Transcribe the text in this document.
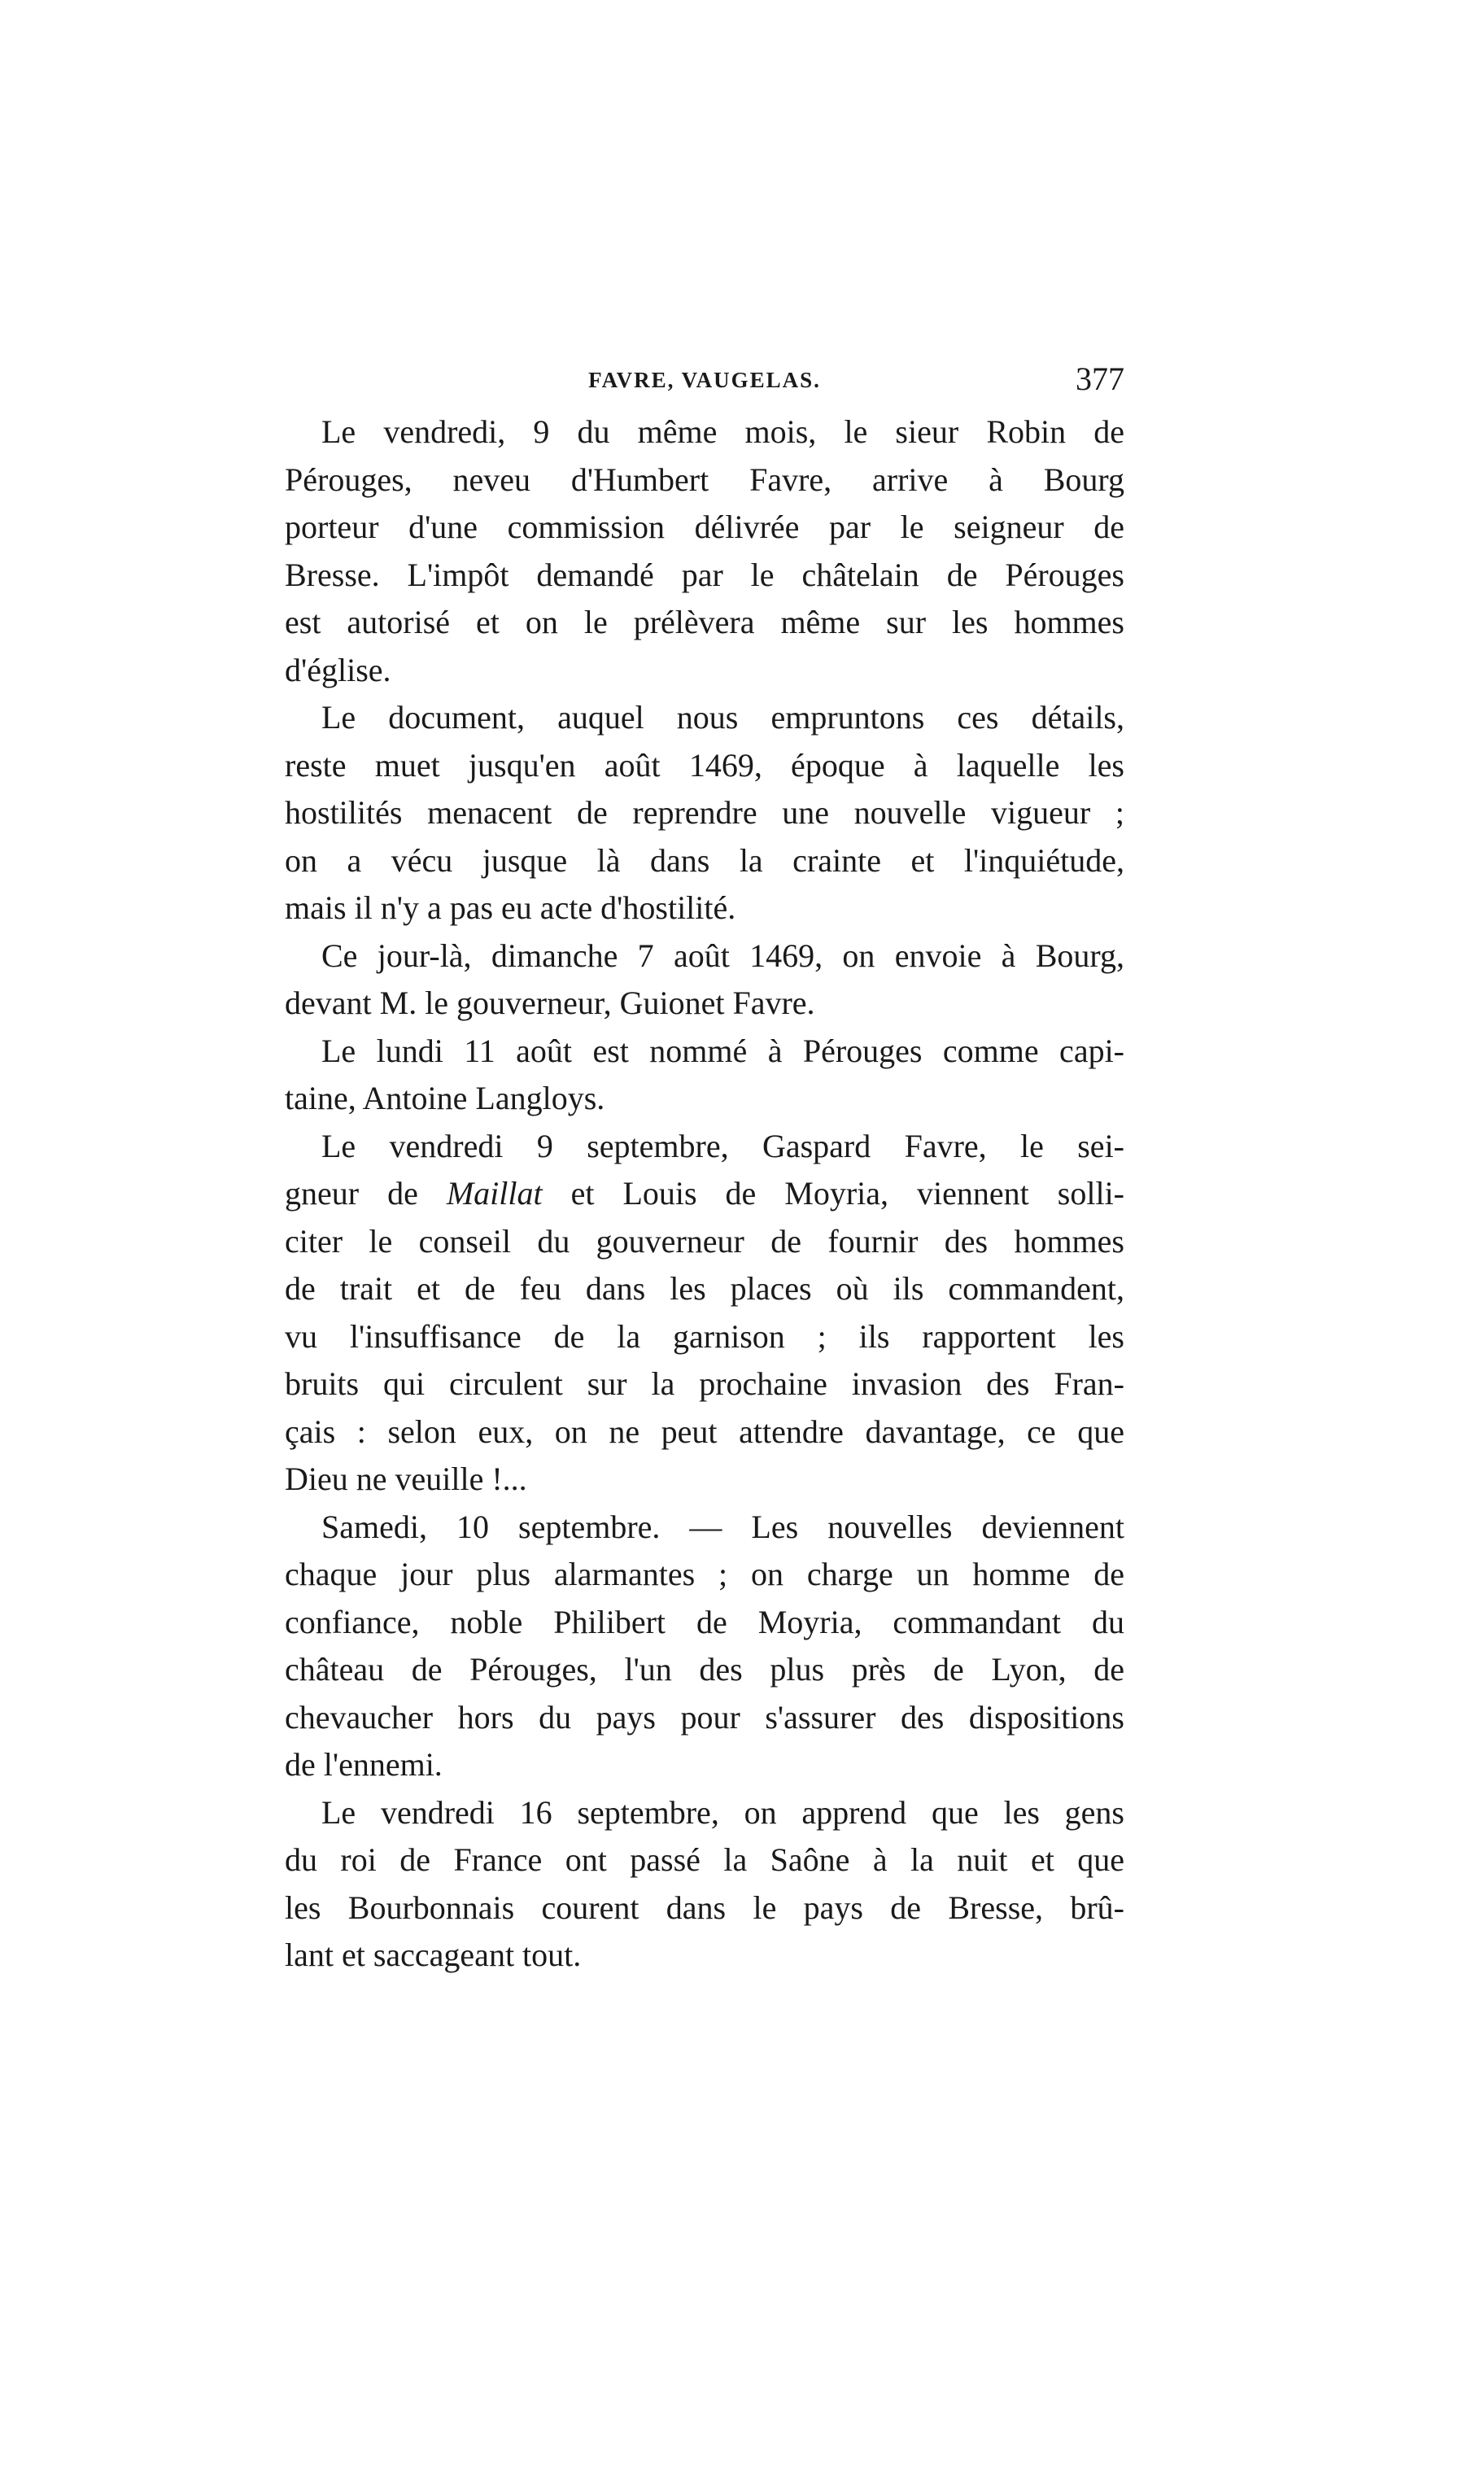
FAVRE, VAUGELAS.	377
Le vendredi, 9 du même mois, le sieur Robin de
Pérouges, neveu d'Humbert Favre, arrive à Bourg
porteur d'une commission délivrée par le seigneur de
Bresse. L'impôt demandé par le châtelain de Pérouges
est autorisé et on le prélèvera même sur les hommes
d'église.
Le document, auquel nous empruntons ces détails,
reste muet jusqu'en août 1469, époque à laquelle les
hostilités menacent de reprendre une nouvelle vigueur ;
on a vécu jusque là dans la crainte et l'inquiétude,
mais il n'y a pas eu acte d'hostilité.
Ce jour-là, dimanche 7 août 1469, on envoie à Bourg,
devant M. le gouverneur, Guionet Favre.
Le lundi 11 août est nommé à Pérouges comme capi-
taine, Antoine Langloys.
Le vendredi 9 septembre, Gaspard Favre, le sei-
gneur de Maillat et Louis de Moyria, viennent solli-
citer le conseil du gouverneur de fournir des hommes
de trait et de feu dans les places où ils commandent,
vu l'insuffisance de la garnison ; ils rapportent les
bruits qui circulent sur la prochaine invasion des Fran-
çais : selon eux, on ne peut attendre davantage, ce que
Dieu ne veuille !...
Samedi, 10 septembre. — Les nouvelles deviennent
chaque jour plus alarmantes ; on charge un homme de
confiance, noble Philibert de Moyria, commandant du
château de Pérouges, l'un des plus près de Lyon, de
chevaucher hors du pays pour s'assurer des dispositions
de l'ennemi.
Le vendredi 16 septembre, on apprend que les gens
du roi de France ont passé la Saône à la nuit et que
les Bourbonnais courent dans le pays de Bresse, brû-
lant et saccageant tout.
